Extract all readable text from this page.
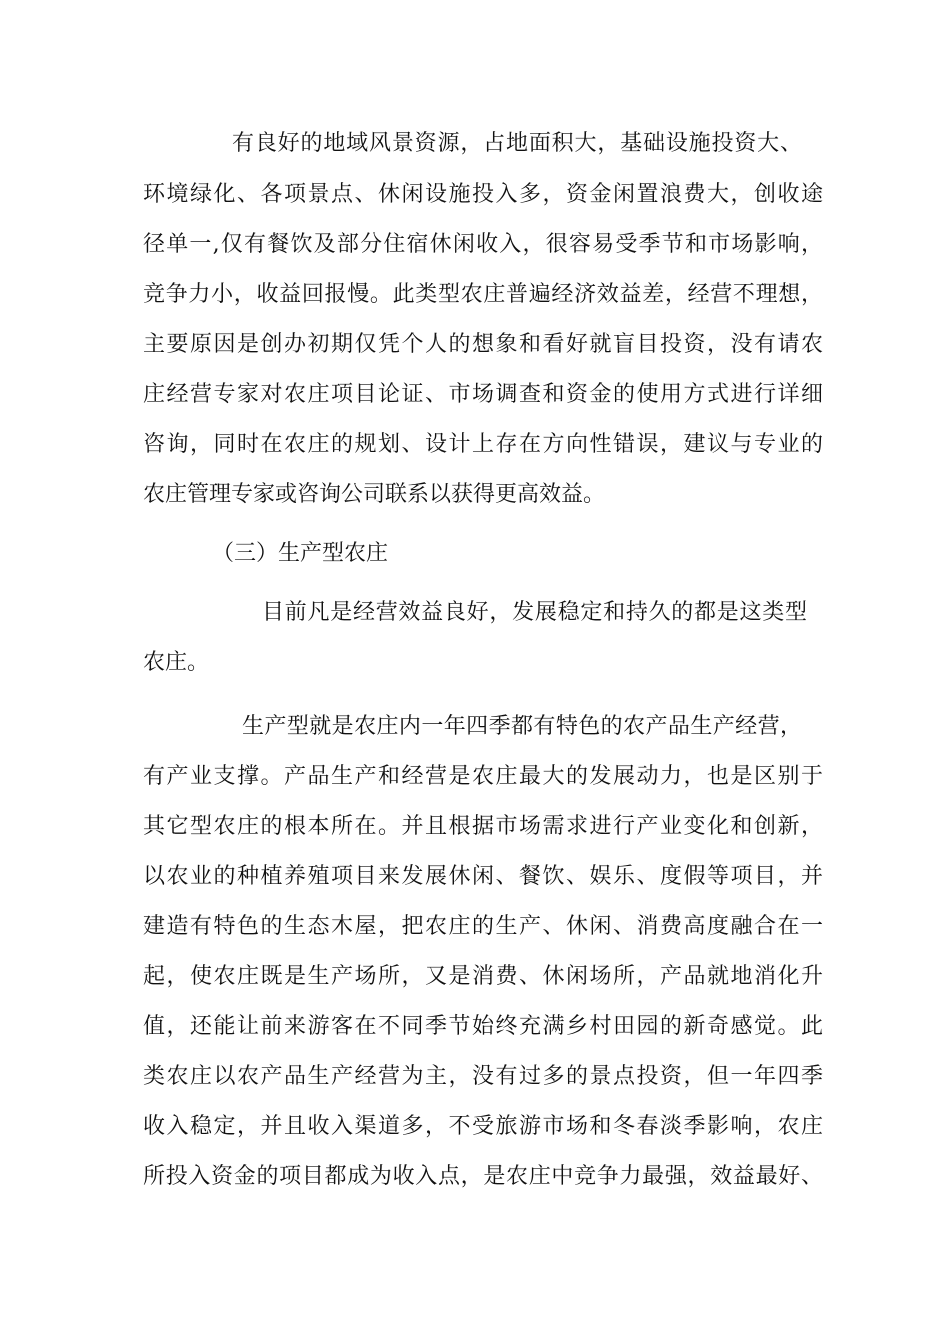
有良好的地域风景资源，占地面积大，基础设施投资大、
环境绿化、各项景点、休闲设施投入多，资金闲置浪费大，创收途
径单一,仅有餐饮及部分住宿休闲收入，很容易受季节和市场影响，
竞争力小，收益回报慢。此类型农庄普遍经济效益差，经营不理想，
主要原因是创办初期仅凭个人的想象和看好就盲目投资，没有请农
庄经营专家对农庄项目论证、市场调查和资金的使用方式进行详细
咨询，同时在农庄的规划、设计上存在方向性错误，建议与专业的
农庄管理专家或咨询公司联系以获得更高效益。
（三）生产型农庄
目前凡是经营效益良好，发展稳定和持久的都是这类型
农庄。
生产型就是农庄内一年四季都有特色的农产品生产经营，
有产业支撑。产品生产和经营是农庄最大的发展动力，也是区别于
其它型农庄的根本所在。并且根据市场需求进行产业变化和创新，
以农业的种植养殖项目来发展休闲、餐饮、娱乐、度假等项目，并
建造有特色的生态木屋，把农庄的生产、休闲、消费高度融合在一
起，使农庄既是生产场所，又是消费、休闲场所，产品就地消化升
值，还能让前来游客在不同季节始终充满乡村田园的新奇感觉。此
类农庄以农产品生产经营为主，没有过多的景点投资，但一年四季
收入稳定，并且收入渠道多，不受旅游市场和冬春淡季影响，农庄
所投入资金的项目都成为收入点，是农庄中竞争力最强，效益最好、
